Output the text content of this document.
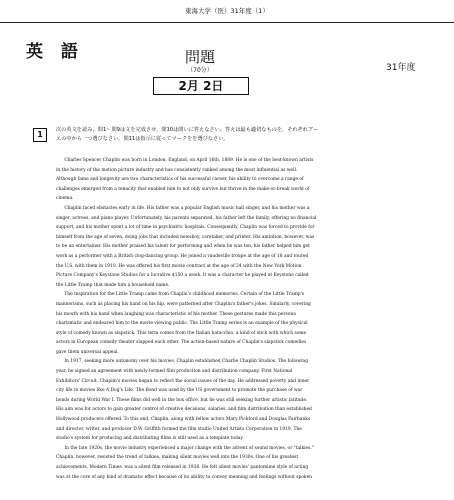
東海大学（医）31年度（1）
英 語	問題
（70分）
2月 2日
31年度
1	次の英文を読み，問1～問9は文を完成させ，問10は問いに答えなさい。答えは最も適切なものを，それぞれアー
エの中から一つ選びなさい。問11は指示に従ってマークをを選びなさい。
Charles Spencer Chaplin was born in London, England, on April 16th, 1889. He is one of the best-known artists
in the history of the motion picture industry and has consistently ranked among the most influential as well.
Although fame and longevity are two characteristics of his successful career, his ability to overcome a range of
challenges emerged from a tenacity that enabled him to not only survive but thrive in the make-or-break world of
cinema.
Chaplin faced obstacles early in life. His father was a popular English music hall singer, and his mother was a
singer, actress, and piano player. Unfortunately, his parents separated, his father left the family, offering no financial
support, and his mother spent a lot of time in psychiatric hospitals. Consequently, Chaplin was forced to provide for
himself from the age of seven, doing jobs that included newsboy, caretaker, and printer. His ambition, however, was
to be an entertainer. His mother praised his talent for performing and when he was ten, his father helped him get
work as a performer with a British clog-dancing group. He joined a vaudeville troupe at the age of 18 and toured
the U.S. with them in 1910. He was offered his first movie contract at the age of 24 with the New York Motion
Picture Company's Keystone Studios for a lucrative $150 a week. It was a character he played at Keystone called
the Little Tramp that made him a household name.
The inspiration for the Little Tramp came from Chaplin's childhood memories. Certain of the Little Tramp's
mannerisms, such as placing his hand on his hip, were patterned after Chaplin's father's jokes. Similarly, covering
his mouth with his hand when laughing was characteristic of his mother. These gestures made this persona
charismatic and endeared him to the movie-viewing public. The Little Tramp series is an example of the physical
style of comedy known as slapstick. This term comes from the Italian batacchio, a kind of stick with which some
actors in European comedy theater slapped each other. The action-based nature of Chaplin's slapstick comedies
gave them universal appeal.
In 1917, seeking more autonomy over his movies, Chaplin established Charlie Chaplin Studios. The following
year, he signed an agreement with newly-formed film production and distribution company, First National
Exhibitors' Circuit. Chaplin's movies began to reflect the social issues of the day. He addressed poverty and inner
city life in movies like A Dog's Life. The Bond was used by the US government to promote the purchase of war
bonds during World War I. These films did well in the box office, but he was still seeking further artistic latitude.
His aim was for actors to gain greater control of creative decisions, salaries, and film distribution than established
Hollywood producers offered. To this end, Chaplin, along with fellow actors Mary Pickford and Douglas Fairbanks
and director, writer, and producer D.W. Griffith formed the film studio United Artists Corporation in 1919. The
studio's system for producing and distributing films is still used as a template today.
In the late 1920s, the movie industry experienced a major change with the advent of sound movies, or "talkies."
Chaplin, however, resisted the trend of talkies, making silent movies well into the 1930s. One of his greatest
achievements, Modern Times, was a silent film released in 1936. He felt silent movies' pantomime style of acting
was at the core of any kind of dramatic effect because of its ability to convey meaning and feelings without spoken
